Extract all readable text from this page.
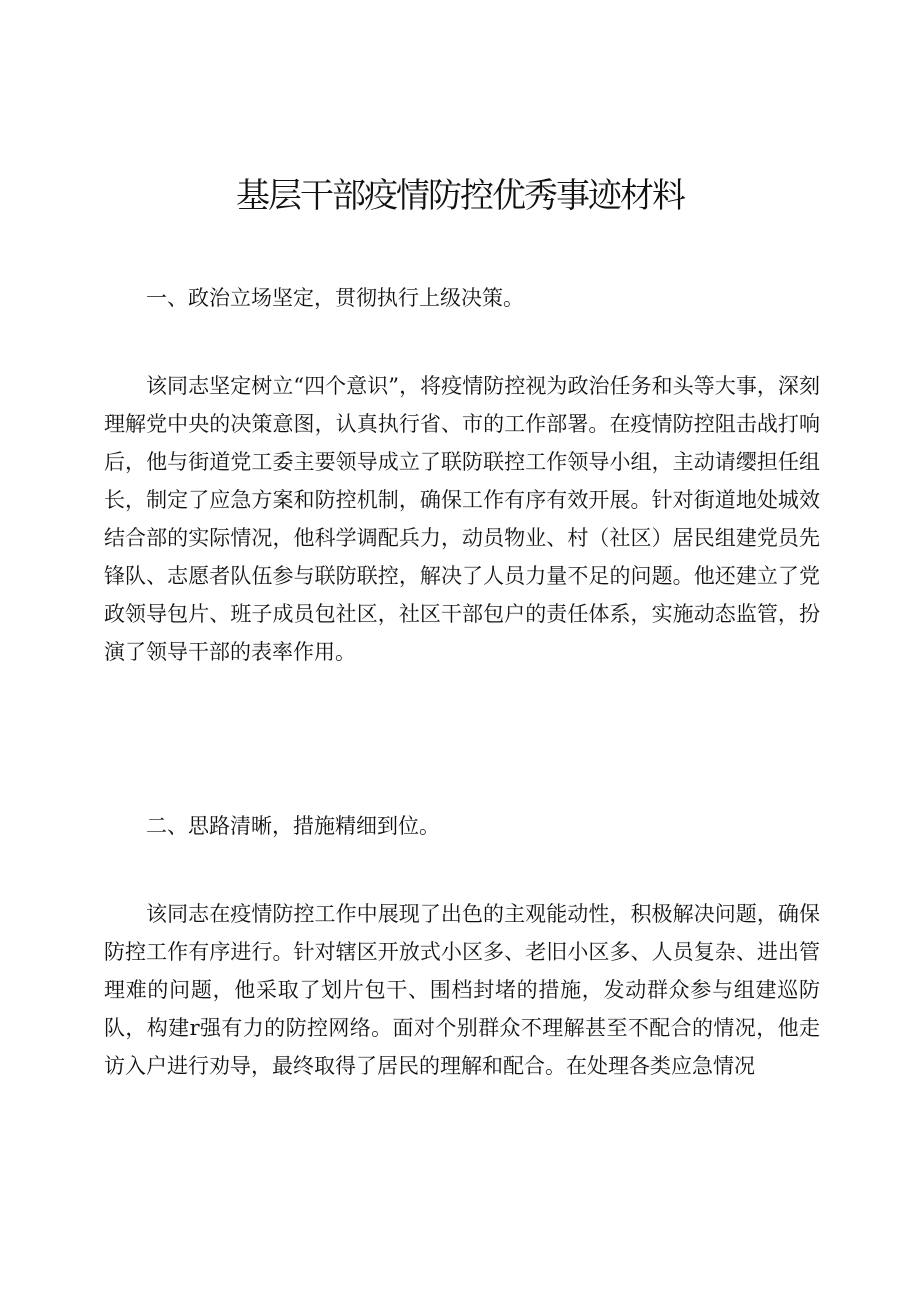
基层干部疫情防控优秀事迹材料

一、政治立场坚定，贯彻执行上级决策。

该同志坚定树立“四个意识”，将疫情防控视为政治任务和头等大事，深刻理解党中央的决策意图，认真执行省、市的工作部署。在疫情防控阻击战打响后，他与街道党工委主要领导成立了联防联控工作领导小组，主动请缨担任组长，制定了应急方案和防控机制，确保工作有序有效开展。针对街道地处城效结合部的实际情况，他科学调配兵力，动员物业、村（社区）居民组建党员先锋队、志愿者队伍参与联防联控，解决了人员力量不足的问题。他还建立了党政领导包片、班子成员包社区，社区干部包户的责任体系，实施动态监管，扮演了领导干部的表率作用。

二、思路清晰，措施精细到位。

该同志在疫情防控工作中展现了出色的主观能动性，积极解决问题，确保防控工作有序进行。针对辖区开放式小区多、老旧小区多、人员复杂、进出管理难的问题，他采取了划片包干、围档封堵的措施，发动群众参与组建巡防队，构建r强有力的防控网络。面对个别群众不理解甚至不配合的情况，他走访入户进行劝导，最终取得了居民的理解和配合。在处理各类应急情况
